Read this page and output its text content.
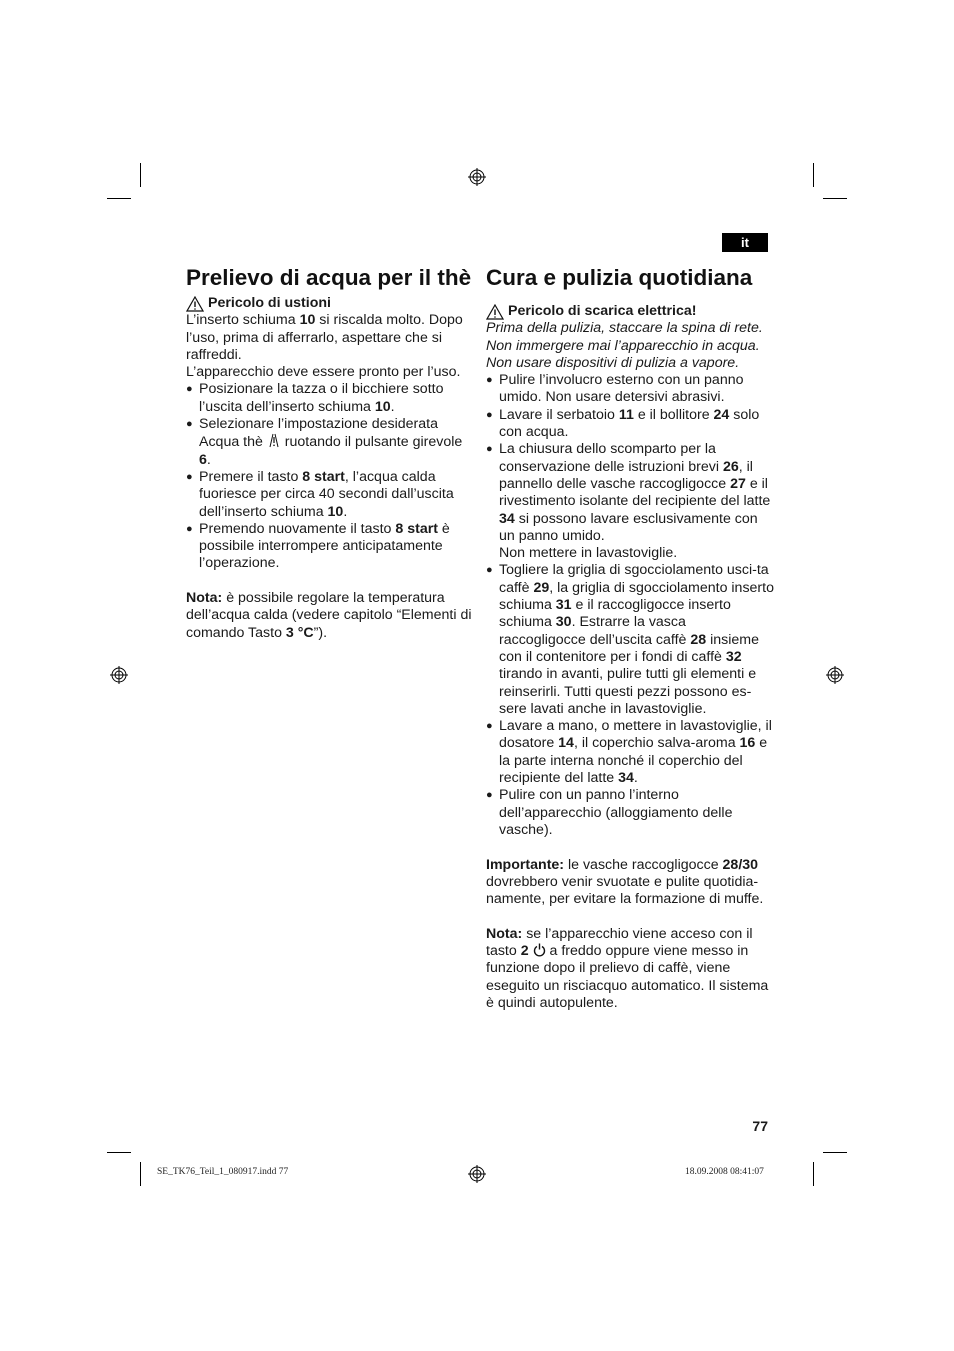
it
Prelievo di acqua per il thè

Pericolo di ustioni

L’inserto schiuma 10 si riscalda molto. Dopo l’uso, prima di afferrarlo, aspettare che si raffreddi.

L’apparecchio deve essere pronto per l’uso.

● Posizionare la tazza o il bicchiere sotto l’uscita dell’inserto schiuma 10.
● Selezionare l’impostazione desiderata Acqua thè  ruotando il pulsante girevole 6.
● Premere il tasto 8 start, l’acqua calda fuoriesce per circa 40 secondi dall’uscita dell’inserto schiuma 10.
● Premendo nuovamente il tasto 8 start è possibile interrompere anticipatamente l’operazione.

Nota: è possibile regolare la temperatura dell’acqua calda (vedere capitolo “Elementi di comando Tasto 3 °C”).

Cura e pulizia quotidiana

Pericolo di scarica elettrica!

Prima della pulizia, staccare la spina di rete.

Non immergere mai l’apparecchio in acqua.

Non usare dispositivi di pulizia a vapore.

● Pulire l’involucro esterno con un panno umido. Non usare detersivi abrasivi.
● Lavare il serbatoio 11 e il bollitore 24 solo con acqua.
● La chiusura dello scomparto per la conservazione delle istruzioni brevi 26, il pannello delle vasche raccogligocce 27 e il rivestimento isolante del recipiente del latte 34 si possono lavare esclusivamente con un panno umido.
Non mettere in lavastoviglie.
● Togliere la griglia di sgocciolamento usci-ta caffè 29, la griglia di sgocciolamento inserto schiuma 31 e il raccogligocce inserto schiuma 30. Estrarre la vasca raccogligocce dell’uscita caffè 28 insieme con il contenitore per i fondi di caffè 32 tirando in avanti, pulire tutti gli elementi e reinserirli. Tutti questi pezzi possono es-sere lavati anche in lavastoviglie.
● Lavare a mano, o mettere in lavastoviglie, il dosatore 14, il coperchio salva-aroma 16 e la parte interna nonché il coperchio del recipiente del latte 34.
● Pulire con un panno l’interno dell’apparecchio (alloggiamento delle vasche).

Importante: le vasche raccogligocce 28/30 dovrebbero venir svuotate e pulite quotidia-namente, per evitare la formazione di muffe.

Nota: se l’apparecchio viene acceso con il tasto 2  a freddo oppure viene messo in funzione dopo il prelievo di caffè, viene eseguito un risciacquo automatico. Il sistema è quindi autopulente.

77
SE_TK76_Teil_1_080917.indd 77	18.09.2008 08:41:07
